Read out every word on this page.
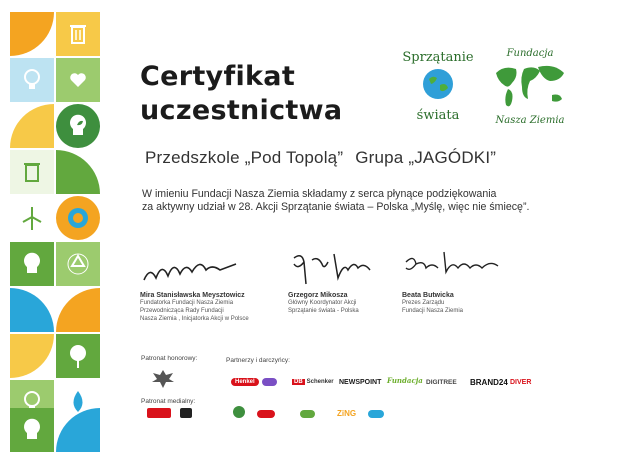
Certyfikat
uczestnictwa
Sprzątanie
świata
Fundacja
Nasza Ziemia
Przedszkole „Pod Topolą” Grupa „JAGÓDKI”
W imieniu Fundacji Nasza Ziemia składamy z serca płynące podziękowania
za aktywny udział w 28. Akcji Sprzątanie świata – Polska „Myślę, więc nie śmiecę”.
Mira Stanisławska Meysztowicz
Fundatorka Fundacji Nasza Ziemia
Przewodnicząca Rady Fundacji
Nasza Ziemia , Inicjatorka Akcji w Polsce
Grzegorz Mikosza
Główny Koordynator Akcji
Sprzątanie świata - Polska
Beata Butwicka
Prezes Zarządu
Fundacji Nasza Ziemia
Patronat honorowy:	Partnerzy i darczyńcy:
Henkel
	DB
Schenker NEWSPOINT Fundacja DIGITREE BRAND24 DIVER
Patronat medialny:

ZiNG
